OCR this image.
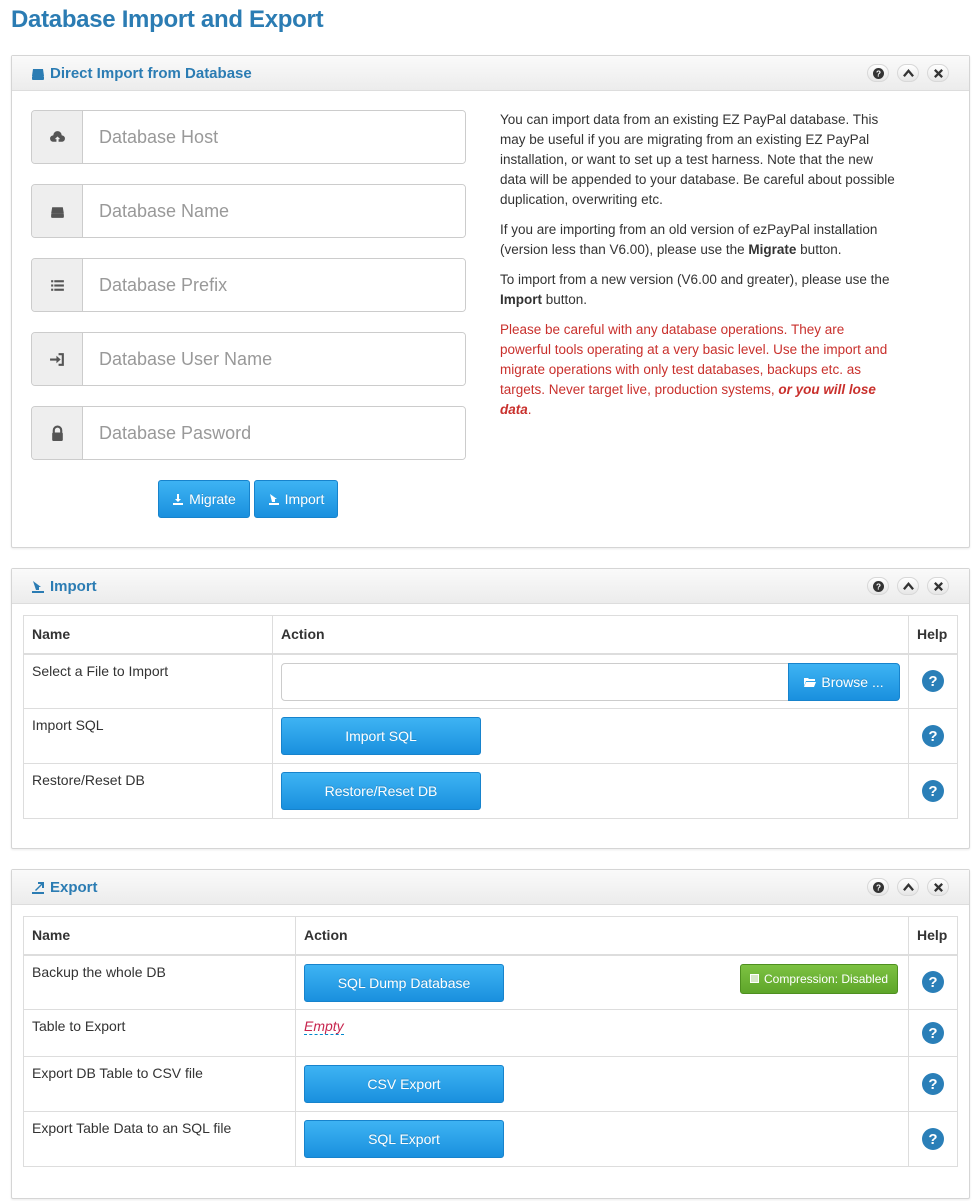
Database Import and Export
Direct Import from Database	?
Database Host
Database Name
Database Prefix
Database User Name
Migrate	Import

You can import data from an existing EZ PayPal database. This may be useful if you are migrating from an existing EZ PayPal installation, or want to set up a test harness. Note that the new data will be appended to your database. Be careful about possible duplication, overwriting etc.

If you are importing from an old version of ezPayPal installation (version less than V6.00), please use the Migrate button.

To import from a new version (V6.00 and greater), please use the Import button.

Please be careful with any database operations. They are powerful tools operating at a very basic level. Use the import and migrate operations with only test databases, backups etc. as targets. Never target live, production systems, or you will lose data.

Import	?
Name	Action	Help
Select a File to Import	Browse ...	?
Import SQL	Import SQL	?
Restore/Reset DB	Restore/Reset DB	?
Export	?
Name	Action	Help
Backup the whole DB	SQL Dump Database Compression: Disabled	?
Table to Export	Empty	?
Export DB Table to CSV file	CSV Export	?
Export Table Data to an SQL file	SQL Export	?
